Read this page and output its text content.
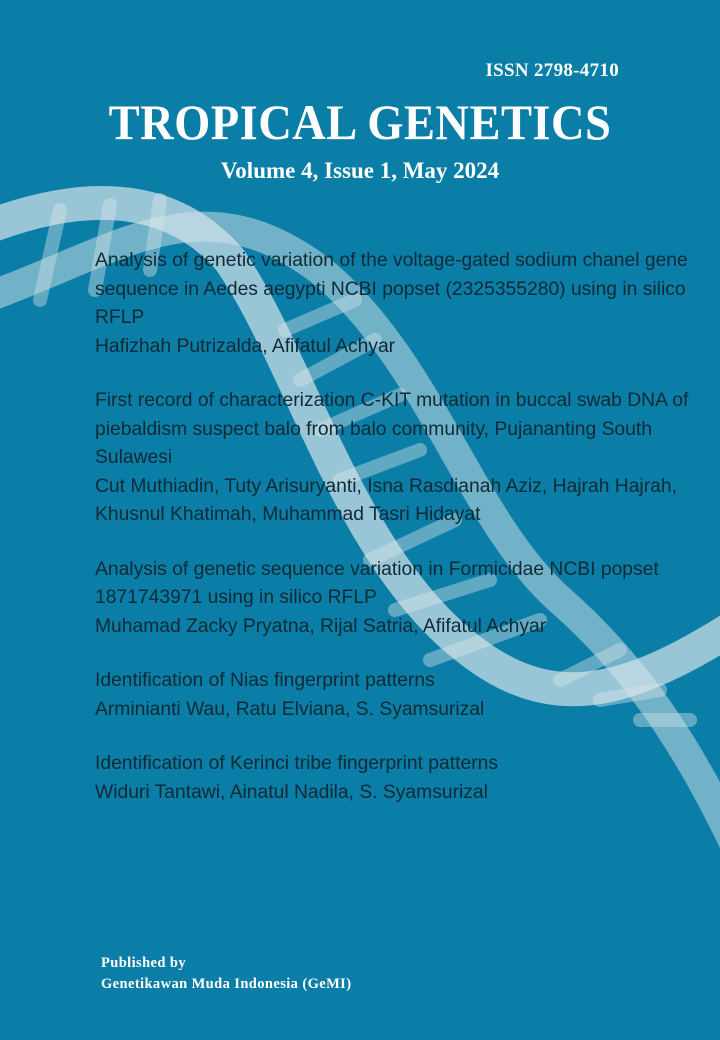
ISSN 2798-4710
TROPICAL GENETICS
Volume 4, Issue 1, May 2024
Analysis of genetic variation of the voltage-gated sodium chanel gene sequence in Aedes aegypti NCBI popset (2325355280) using in silico RFLP
Hafizhah Putrizalda, Afifatul Achyar
First record of characterization C-KIT mutation in buccal swab DNA of piebaldism suspect balo from balo community, Pujananting South Sulawesi
Cut Muthiadin, Tuty Arisuryanti, Isna Rasdianah Aziz, Hajrah Hajrah, Khusnul Khatimah, Muhammad Tasri Hidayat
Analysis of genetic sequence variation in Formicidae NCBI popset 1871743971 using in silico RFLP
Muhamad Zacky Pryatna, Rijal Satria, Afifatul Achyar
Identification of Nias fingerprint patterns
Arminianti Wau, Ratu Elviana, S. Syamsurizal
Identification of Kerinci tribe fingerprint patterns
Widuri Tantawi, Ainatul Nadila, S. Syamsurizal
Published by
Genetikawan Muda Indonesia (GeMI)
